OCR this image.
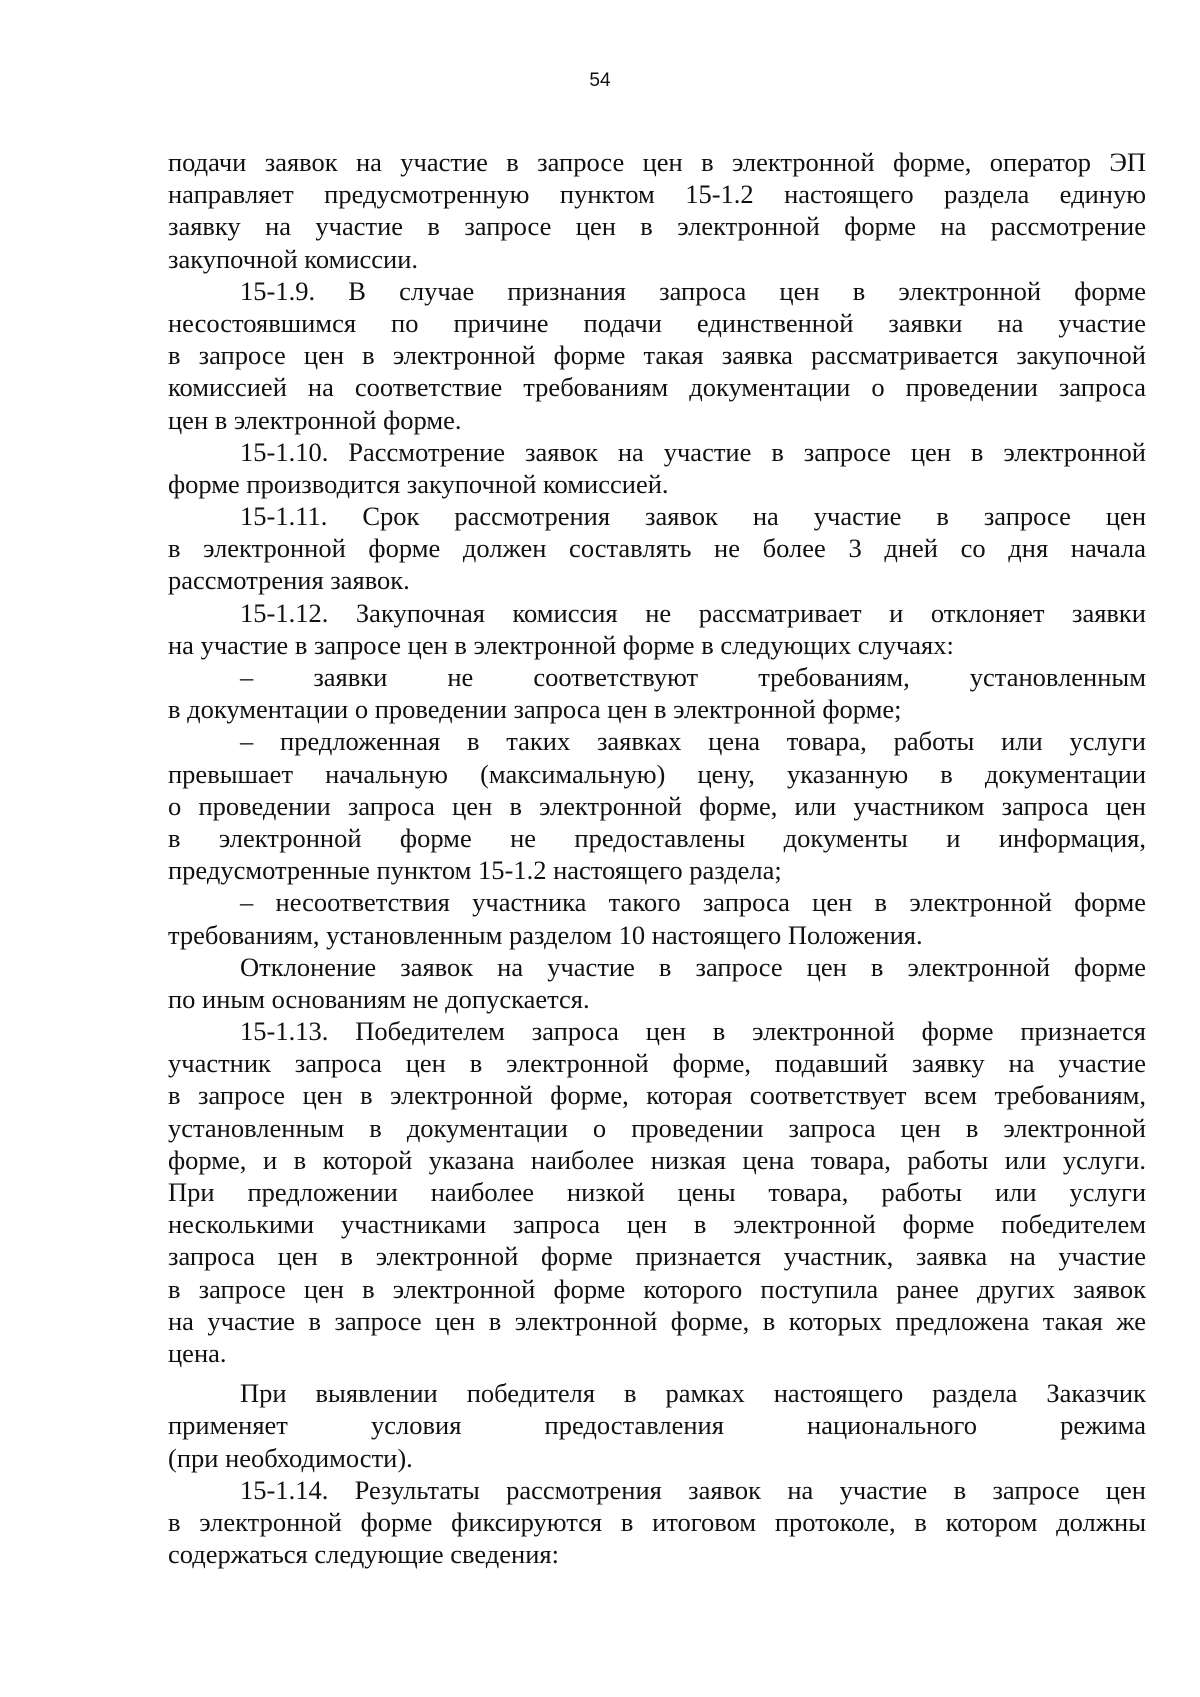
54
подачи заявок на участие в запросе цен в электронной форме, оператор ЭП
направляет предусмотренную пунктом 15-1.2 настоящего раздела единую
заявку на участие в запросе цен в электронной форме на рассмотрение
закупочной комиссии.
15-1.9. В случае признания запроса цен в электронной форме
несостоявшимся по причине подачи единственной заявки на участие
в запросе цен в электронной форме такая заявка рассматривается закупочной
комиссией на соответствие требованиям документации о проведении запроса
цен в электронной форме.
15-1.10. Рассмотрение заявок на участие в запросе цен в электронной
форме производится закупочной комиссией.
15-1.11. Срок рассмотрения заявок на участие в запросе цен
в электронной форме должен составлять не более 3 дней со дня начала
рассмотрения заявок.
15-1.12. Закупочная комиссия не рассматривает и отклоняет заявки
на участие в запросе цен в электронной форме в следующих случаях:
– заявки не соответствуют требованиям, установленным
в документации о проведении запроса цен в электронной форме;
– предложенная в таких заявках цена товара, работы или услуги
превышает начальную (максимальную) цену, указанную в документации
о проведении запроса цен в электронной форме, или участником запроса цен
в электронной форме не предоставлены документы и информация,
предусмотренные пунктом 15-1.2 настоящего раздела;
– несоответствия участника такого запроса цен в электронной форме
требованиям, установленным разделом 10 настоящего Положения.
Отклонение заявок на участие в запросе цен в электронной форме
по иным основаниям не допускается.
15-1.13. Победителем запроса цен в электронной форме признается
участник запроса цен в электронной форме, подавший заявку на участие
в запросе цен в электронной форме, которая соответствует всем требованиям,
установленным в документации о проведении запроса цен в электронной
форме, и в которой указана наиболее низкая цена товара, работы или услуги.
При предложении наиболее низкой цены товара, работы или услуги
несколькими участниками запроса цен в электронной форме победителем
запроса цен в электронной форме признается участник, заявка на участие
в запросе цен в электронной форме которого поступила ранее других заявок
на участие в запросе цен в электронной форме, в которых предложена такая же
цена.
При выявлении победителя в рамках настоящего раздела Заказчик
применяет условия предоставления национального режима
(при необходимости).
15-1.14. Результаты рассмотрения заявок на участие в запросе цен
в электронной форме фиксируются в итоговом протоколе, в котором должны
содержаться следующие сведения:
